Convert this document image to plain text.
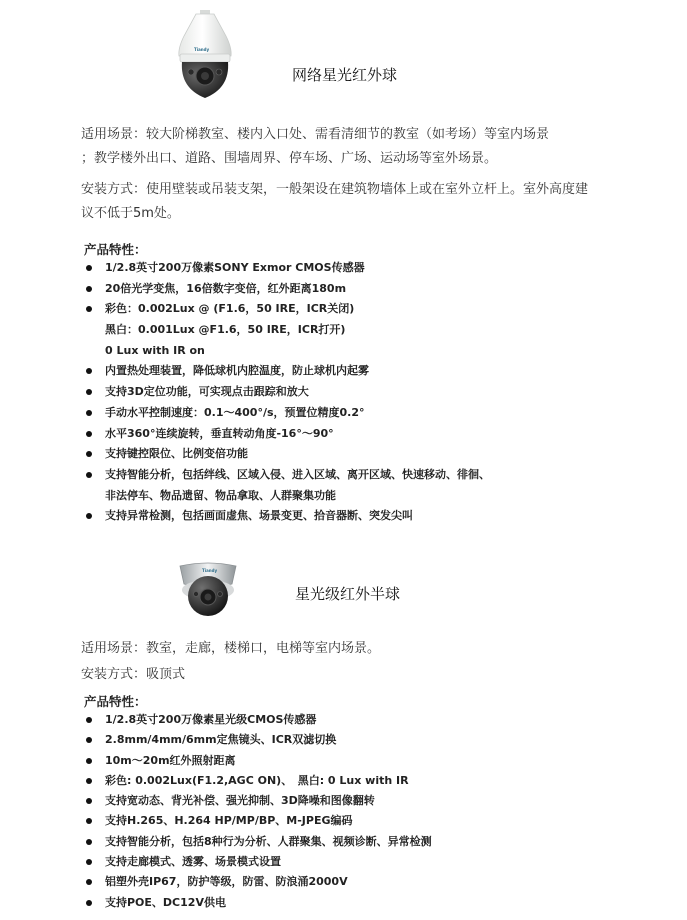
Tiandy
网络星光红外球
适用场景：较大阶梯教室、楼内入口处、需看清细节的教室（如考场）等室内场景
；教学楼外出口、道路、围墙周界、停车场、广场、运动场等室外场景。
安装方式：使用壁装或吊装支架，一般架设在建筑物墙体上或在室外立杆上。室外高度建
议不低于5m处。
产品特性：
1/2.8英寸200万像素SONY Exmor CMOS传感器
20倍光学变焦，16倍数字变倍，红外距离180m
彩色：0.002Lux @ (F1.6，50 IRE，ICR关闭)
黑白：0.001Lux @F1.6，50 IRE，ICR打开)
0 Lux with IR on
内置热处理装置，降低球机内腔温度，防止球机内起雾
支持3D定位功能，可实现点击跟踪和放大
手动水平控制速度：0.1～400°/s，预置位精度0.2°
水平360°连续旋转，垂直转动角度-16°～90°
支持键控限位、比例变倍功能
支持智能分析，包括绊线、区域入侵、进入区域、离开区域、快速移动、徘徊、
非法停车、物品遗留、物品拿取、人群聚集功能
支持异常检测，包括画面虚焦、场景变更、拾音器断、突发尖叫
Tiandy
星光级红外半球
适用场景：教室，走廊，楼梯口，电梯等室内场景。
安装方式：吸顶式
产品特性：
1/2.8英寸200万像素星光级CMOS传感器
2.8mm/4mm/6mm定焦镜头、ICR双滤切换
10m～20m红外照射距离
彩色: 0.002Lux(F1.2,AGC ON)、　黑白: 0 Lux with IR
支持宽动态、背光补偿、强光抑制、3D降噪和图像翻转
支持H.265、H.264 HP/MP/BP、M-JPEG编码
支持智能分析，包括8种行为分析、人群聚集、视频诊断、异常检测
支持走廊模式、透雾、场景模式设置
铝塑外壳IP67，防护等级，防雷、防浪涌2000V
支持POE、DC12V供电
